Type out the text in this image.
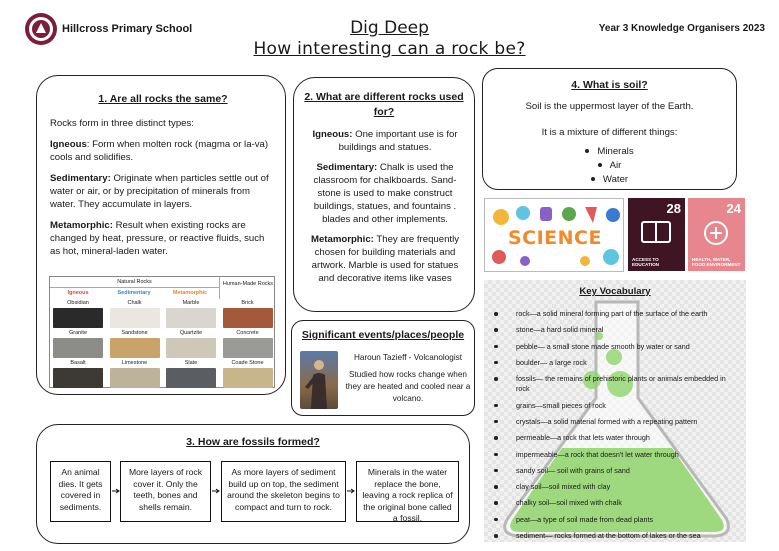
Hillcross Primary School	Dig Deep
How interesting can a rock be?
Year 3 Knowledge Organisers 2023
1. Are all rocks the same?

Rocks form in three distinct types:

Igneous: Form when molten rock (magma or la-va) cools and solidifies.

Sedimentary: Originate when particles settle out of water or air, or by precipitation of minerals from water. They accumulate in layers.

Metamorphic: Result when existing rocks are changed by heat, pressure, or reactive fluids, such as hot, mineral-laden water.

Natural Rocks	Human-Made Rocks
Igneous	Sedimentary	Metamorphic
Obsidian	Chalk	Marble	Brick
Granite	Sandstone	Quartzite	Concrete
Basalt	Limestone	Slate	Coade Stone
2. What are different rocks used for?

Igneous: One important use is for buildings and statues.

Sedimentary: Chalk is used the classroom for chalkboards. Sand-stone is used to make construct buildings, statues, and fountains . blades and other implements.

Metamorphic: They are frequently chosen for building materials and artwork. Marble is used for statues and decorative items like vases

Significant events/places/people
Haroun Tazieff - Volcanologist
Studied how rocks change when they are heated and cooled near a volcano.
4. What is soil?
Soil is the uppermost layer of the Earth.
It is a mixture of different things:
Minerals
Air
Water
SCIENCE
28
ACCESS TO EDUCATION
24
HEALTH, WATER, FOOD ENVIRONMENT
Key Vocabulary
rock—a solid mineral forming part of the surface of the earth
stone—a hard solid mineral
pebble— a small stone made smooth by water or sand
boulder— a large rock
fossils— the remains of prehistoric plants or animals embedded in rock
grains—small pieces of rock
crystals—a solid material formed with a repeating pattern
permeable—a rock that lets water through
impermeable—a rock that doesn't let water through
sandy soil— soil with grains of sand
clay soil—soil mixed with clay
chalky soil—soil mixed with chalk
peat—a type of soil made from dead plants
sediment— rocks formed at the bottom of lakes or the sea
3. How are fossils formed?
An animal dies. It gets covered in sediments.
More layers of rock cover it. Only the teeth, bones and shells remain.
As more layers of sediment build up on top, the sediment around the skeleton begins to compact and turn to rock.
Minerals in the water replace the bone, leaving a rock replica of the original bone called a fossil.
